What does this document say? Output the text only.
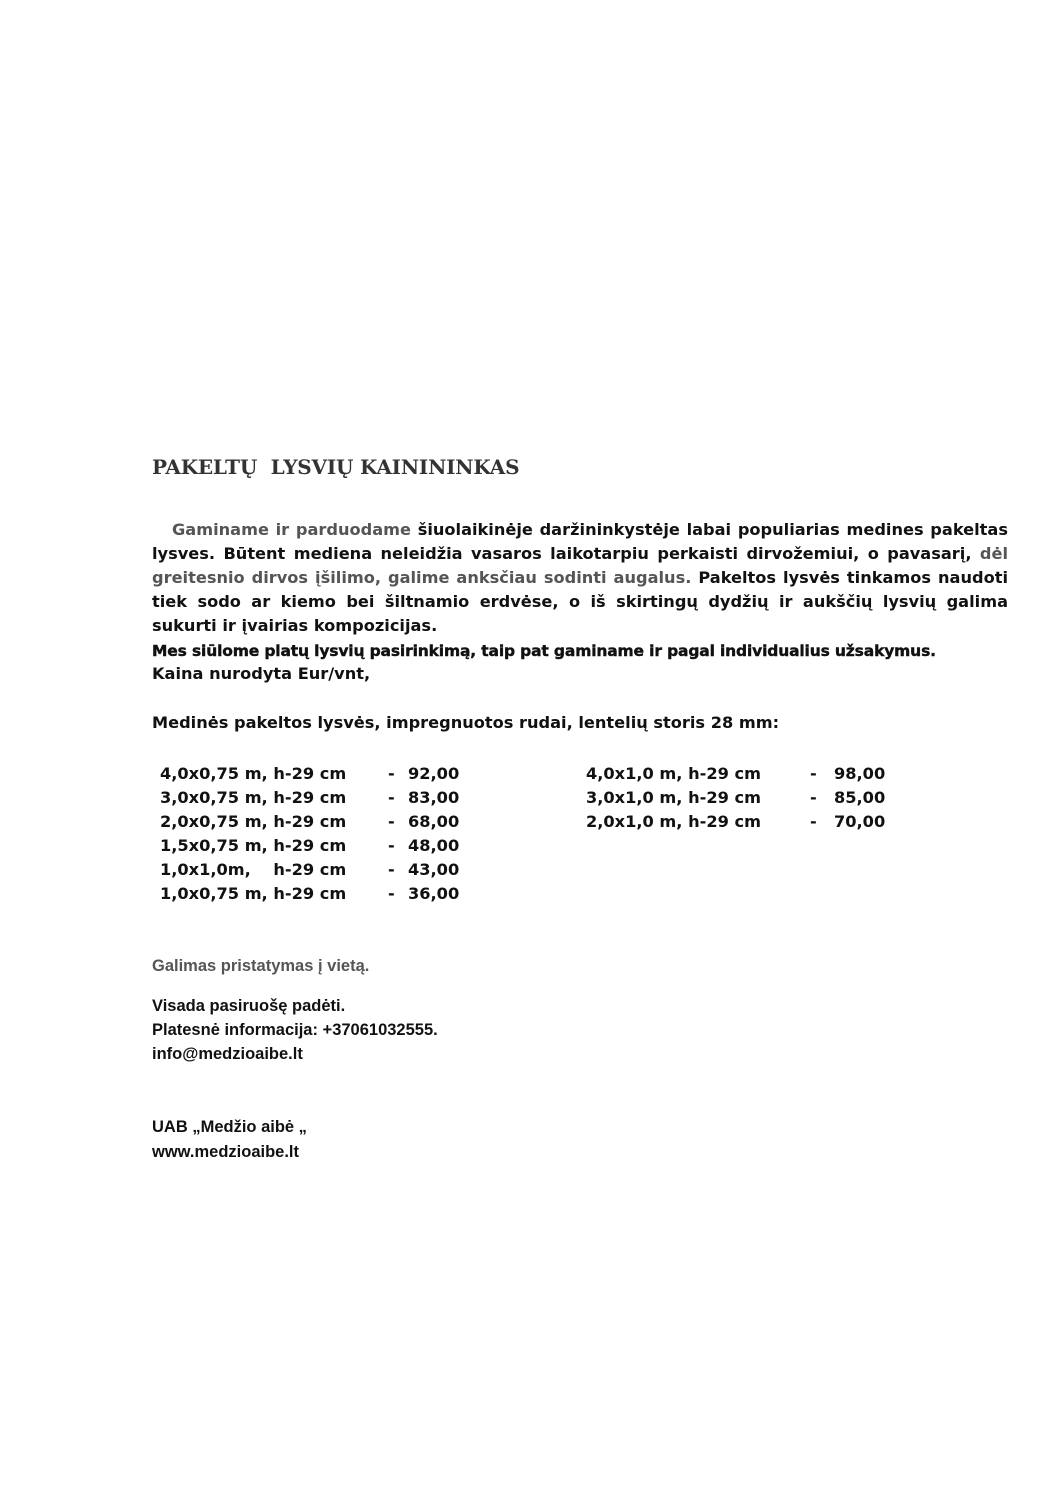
PAKELTŲ  LYSVIŲ KAINININKAS

Gaminame ir parduodame šiuolaikinėje daržininkystėje labai populiarias medines pakeltas lysves. Būtent mediena neleidžia vasaros laikotarpiu perkaisti dirvožemiui, o pavasarį, dėl greitesnio dirvos įšilimo, galime anksčiau sodinti augalus. Pakeltos lysvės tinkamos naudoti tiek sodo ar kiemo bei šiltnamio erdvėse, o iš skirtingų dydžių ir aukščių lysvių galima sukurti ir įvairias kompozicijas.

Mes siūlome platų lysvių pasirinkimą, taip pat gaminame ir pagal individualius užsakymus.

Kaina nurodyta Eur/vnt,

Medinės pakeltos lysvės, impregnuotos rudai, lentelių storis 28 mm:

4,0x0,75 m, h-29 cm	- 92,00
3,0x0,75 m, h-29 cm	- 83,00
2,0x0,75 m, h-29 cm	- 68,00
1,5x0,75 m, h-29 cm	- 48,00
1,0x1,0m,    h-29 cm	- 43,00
1,0x0,75 m, h-29 cm	- 36,00
4,0x1,0 m, h-29 cm	- 98,00
3,0x1,0 m, h-29 cm	- 85,00
2,0x1,0 m, h-29 cm	- 70,00

Galimas pristatymas į vietą.

Visada pasiruošę padėti.
Platesnė informacija: +37061032555.
info@medzioaibe.lt
UAB „Medžio aibė „
www.medzioaibe.lt
